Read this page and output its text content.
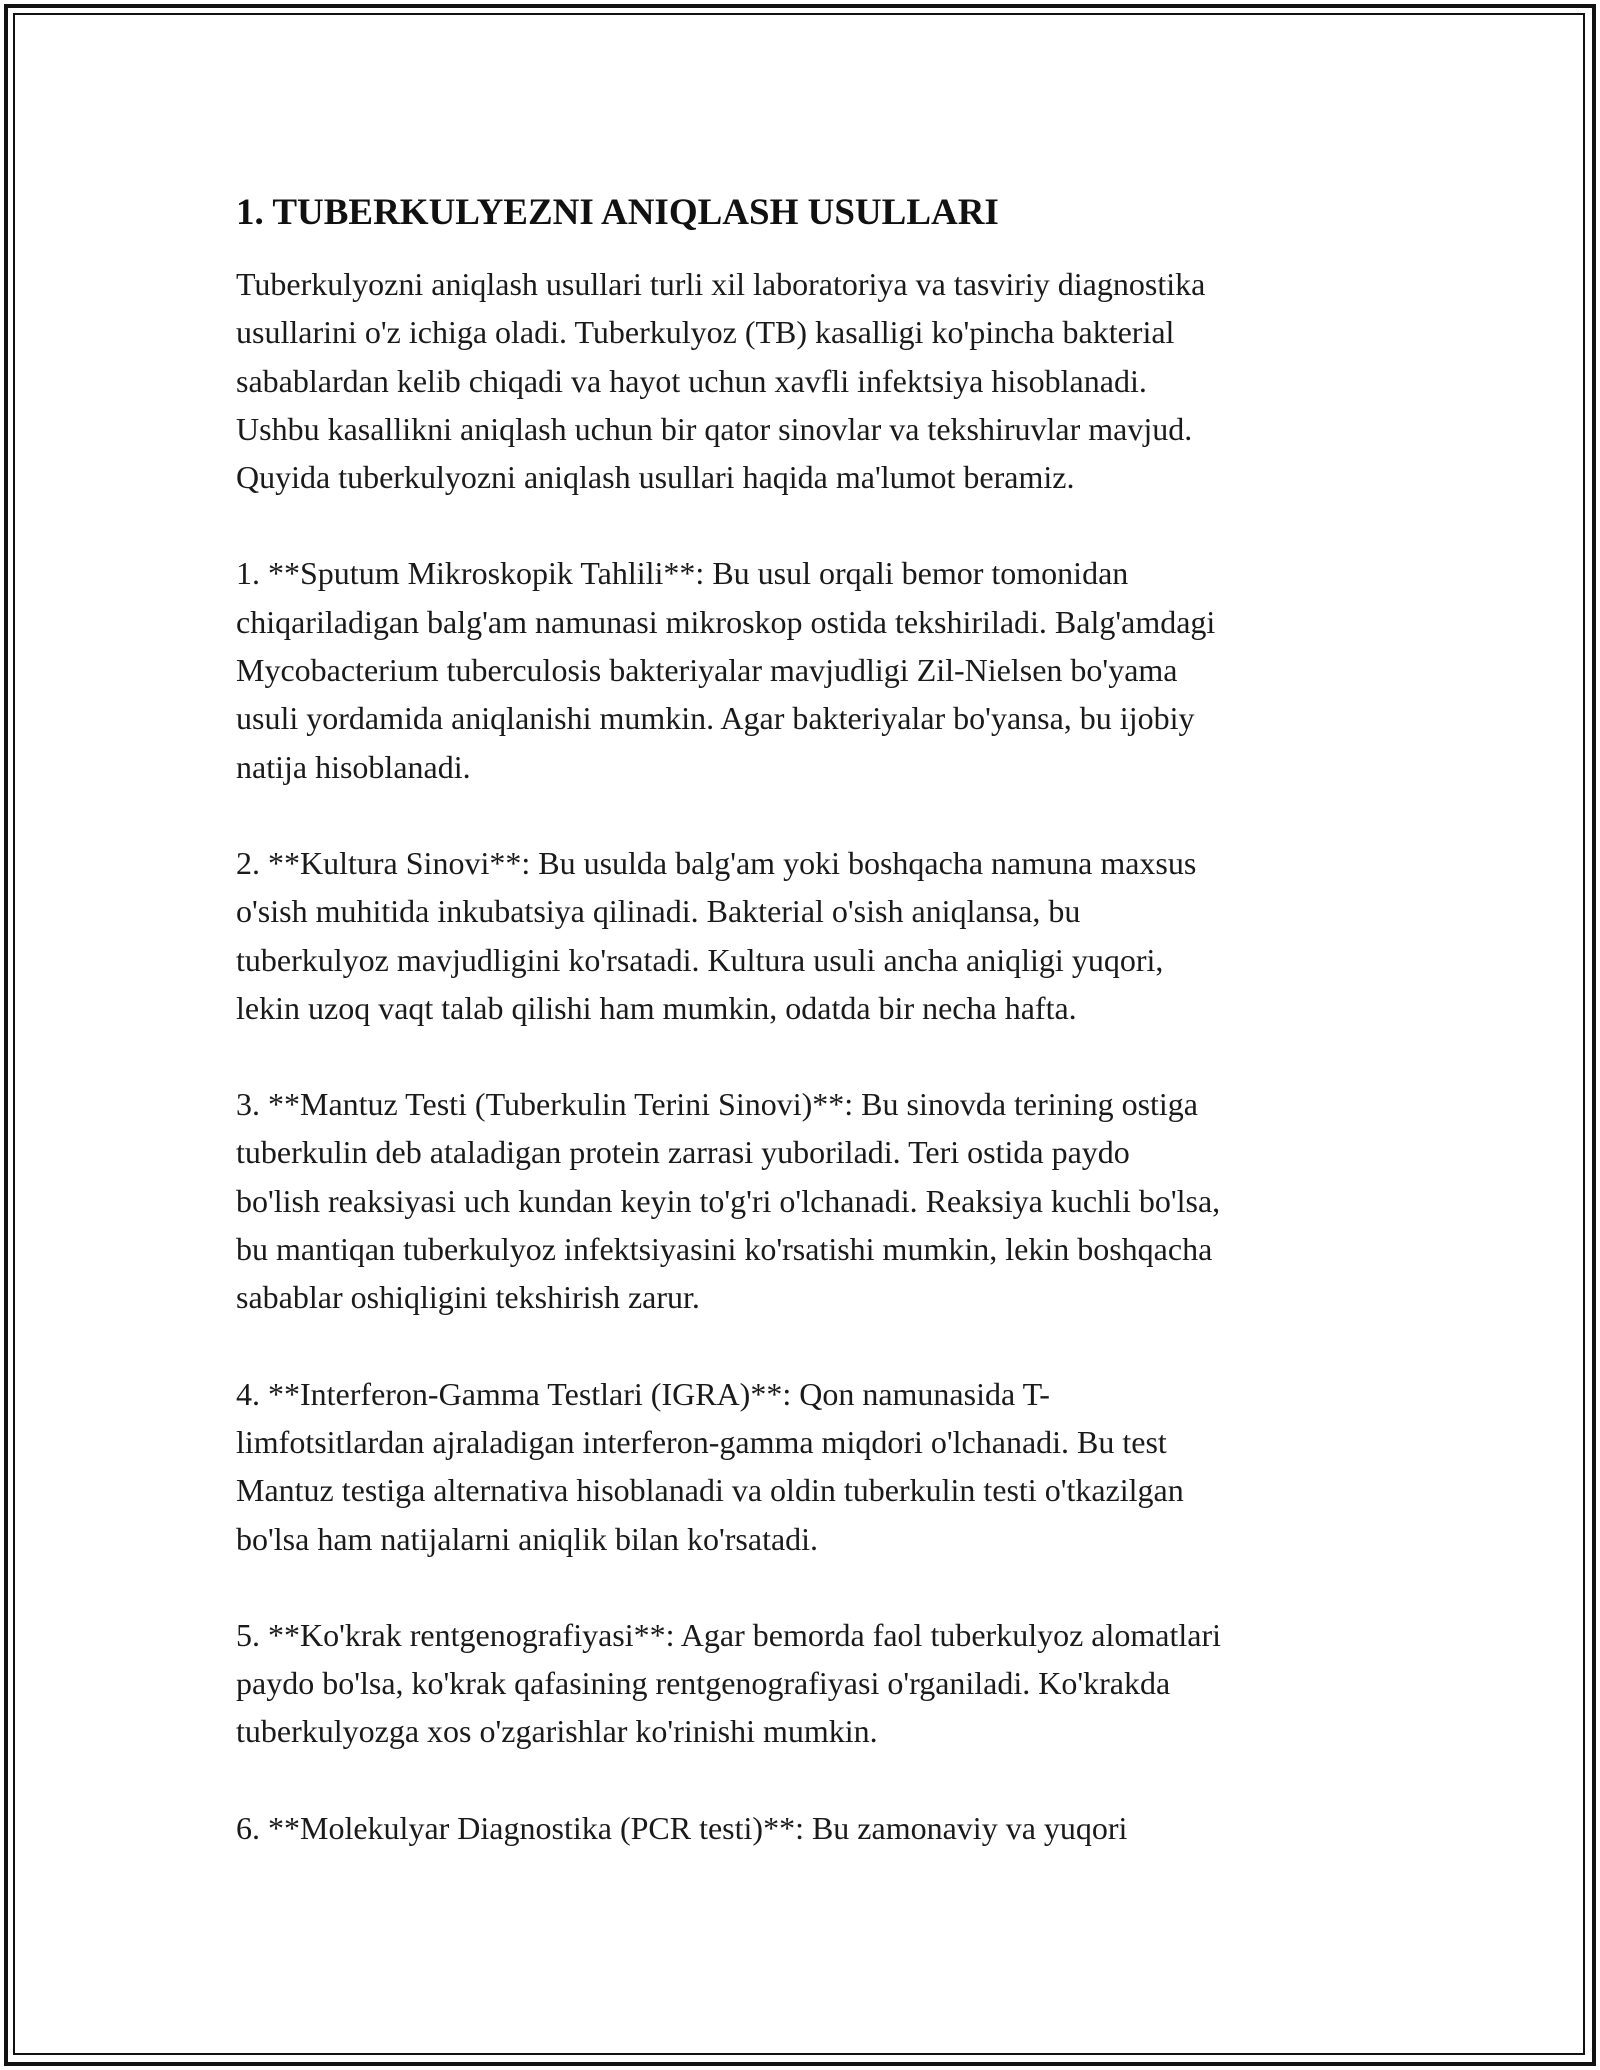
1. TUBERKULYEZNI ANIQLASH USULLARI

Tuberkulyozni aniqlash usullari turli xil laboratoriya va tasviriy diagnostika
usullarini o'z ichiga oladi. Tuberkulyoz (TB) kasalligi ko'pincha bakterial
sabablardan kelib chiqadi va hayot uchun xavfli infektsiya hisoblanadi.
Ushbu kasallikni aniqlash uchun bir qator sinovlar va tekshiruvlar mavjud.
Quyida tuberkulyozni aniqlash usullari haqida ma'lumot beramiz.

1. **Sputum Mikroskopik Tahlili**: Bu usul orqali bemor tomonidan
chiqariladigan balg'am namunasi mikroskop ostida tekshiriladi. Balg'amdagi
Mycobacterium tuberculosis bakteriyalar mavjudligi Zil-Nielsen bo'yama
usuli yordamida aniqlanishi mumkin. Agar bakteriyalar bo'yansa, bu ijobiy
natija hisoblanadi.

2. **Kultura Sinovi**: Bu usulda balg'am yoki boshqacha namuna maxsus
o'sish muhitida inkubatsiya qilinadi. Bakterial o'sish aniqlansa, bu
tuberkulyoz mavjudligini ko'rsatadi. Kultura usuli ancha aniqligi yuqori,
lekin uzoq vaqt talab qilishi ham mumkin, odatda bir necha hafta.

3. **Mantuz Testi (Tuberkulin Terini Sinovi)**: Bu sinovda terining ostiga
tuberkulin deb ataladigan protein zarrasi yuboriladi. Teri ostida paydo
bo'lish reaksiyasi uch kundan keyin to'g'ri o'lchanadi. Reaksiya kuchli bo'lsa,
bu mantiqan tuberkulyoz infektsiyasini ko'rsatishi mumkin, lekin boshqacha
sabablar oshiqligini tekshirish zarur.

4. **Interferon-Gamma Testlari (IGRA)**: Qon namunasida T-
limfotsitlardan ajraladigan interferon-gamma miqdori o'lchanadi. Bu test
Mantuz testiga alternativa hisoblanadi va oldin tuberkulin testi o'tkazilgan
bo'lsa ham natijalarni aniqlik bilan ko'rsatadi.

5. **Ko'krak rentgenografiyasi**: Agar bemorda faol tuberkulyoz alomatlari
paydo bo'lsa, ko'krak qafasining rentgenografiyasi o'rganiladi. Ko'krakda
tuberkulyozga xos o'zgarishlar ko'rinishi mumkin.

6. **Molekulyar Diagnostika (PCR testi)**: Bu zamonaviy va yuqori
